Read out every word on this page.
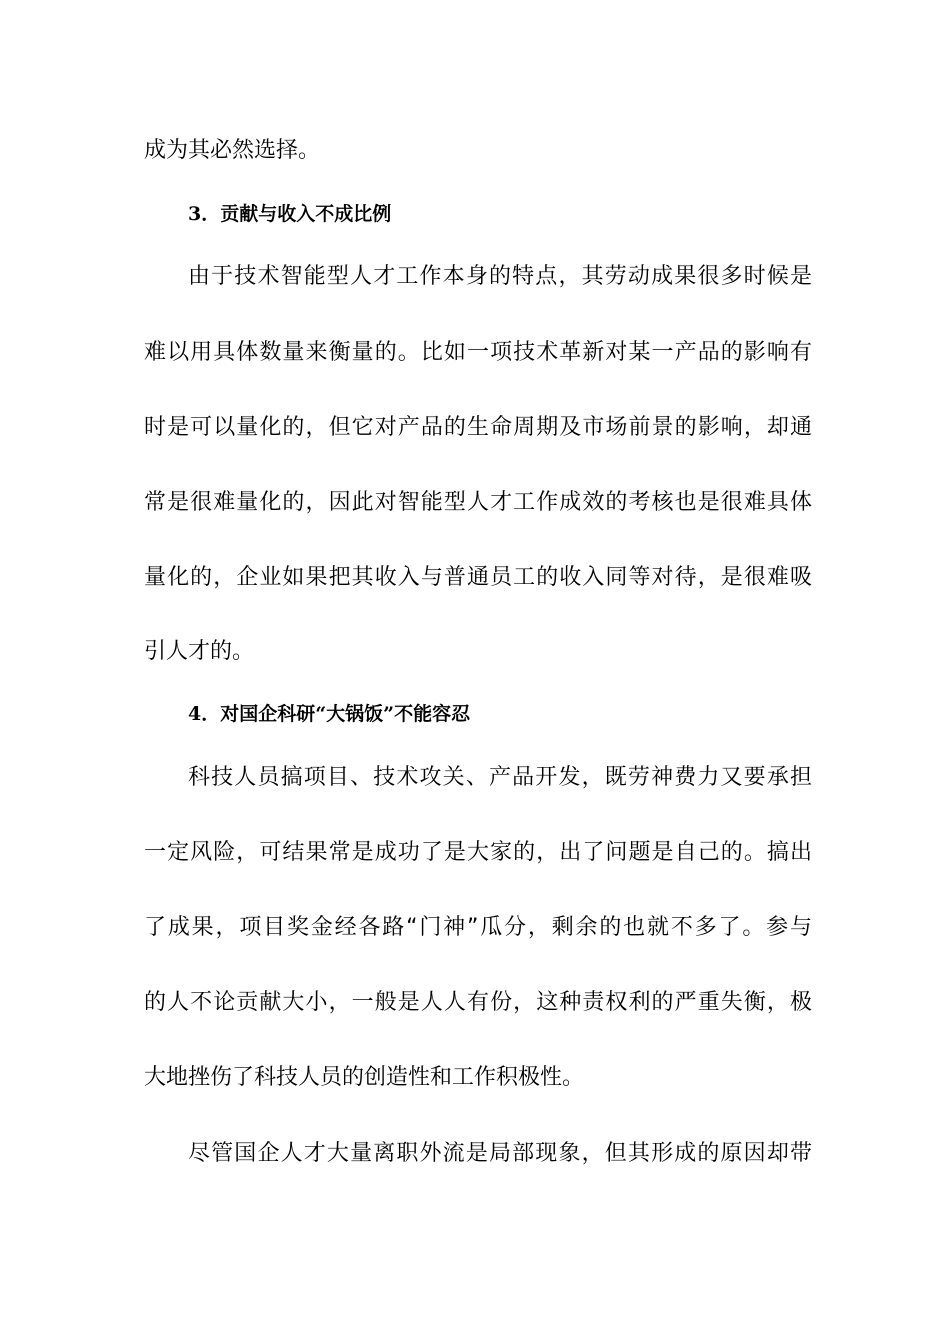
成为其必然选择。
3．贡献与收入不成比例
由于技术智能型人才工作本身的特点，其劳动成果很多时候是
难以用具体数量来衡量的。比如一项技术革新对某一产品的影响有
时是可以量化的，但它对产品的生命周期及市场前景的影响，却通
常是很难量化的，因此对智能型人才工作成效的考核也是很难具体
量化的，企业如果把其收入与普通员工的收入同等对待，是很难吸
引人才的。
4．对国企科研“大锅饭”不能容忍
科技人员搞项目、技术攻关、产品开发，既劳神费力又要承担
一定风险，可结果常是成功了是大家的，出了问题是自己的。搞出
了成果，项目奖金经各路“门神”瓜分，剩余的也就不多了。参与
的人不论贡献大小，一般是人人有份，这种责权利的严重失衡，极
大地挫伤了科技人员的创造性和工作积极性。
尽管国企人才大量离职外流是局部现象，但其形成的原因却带
